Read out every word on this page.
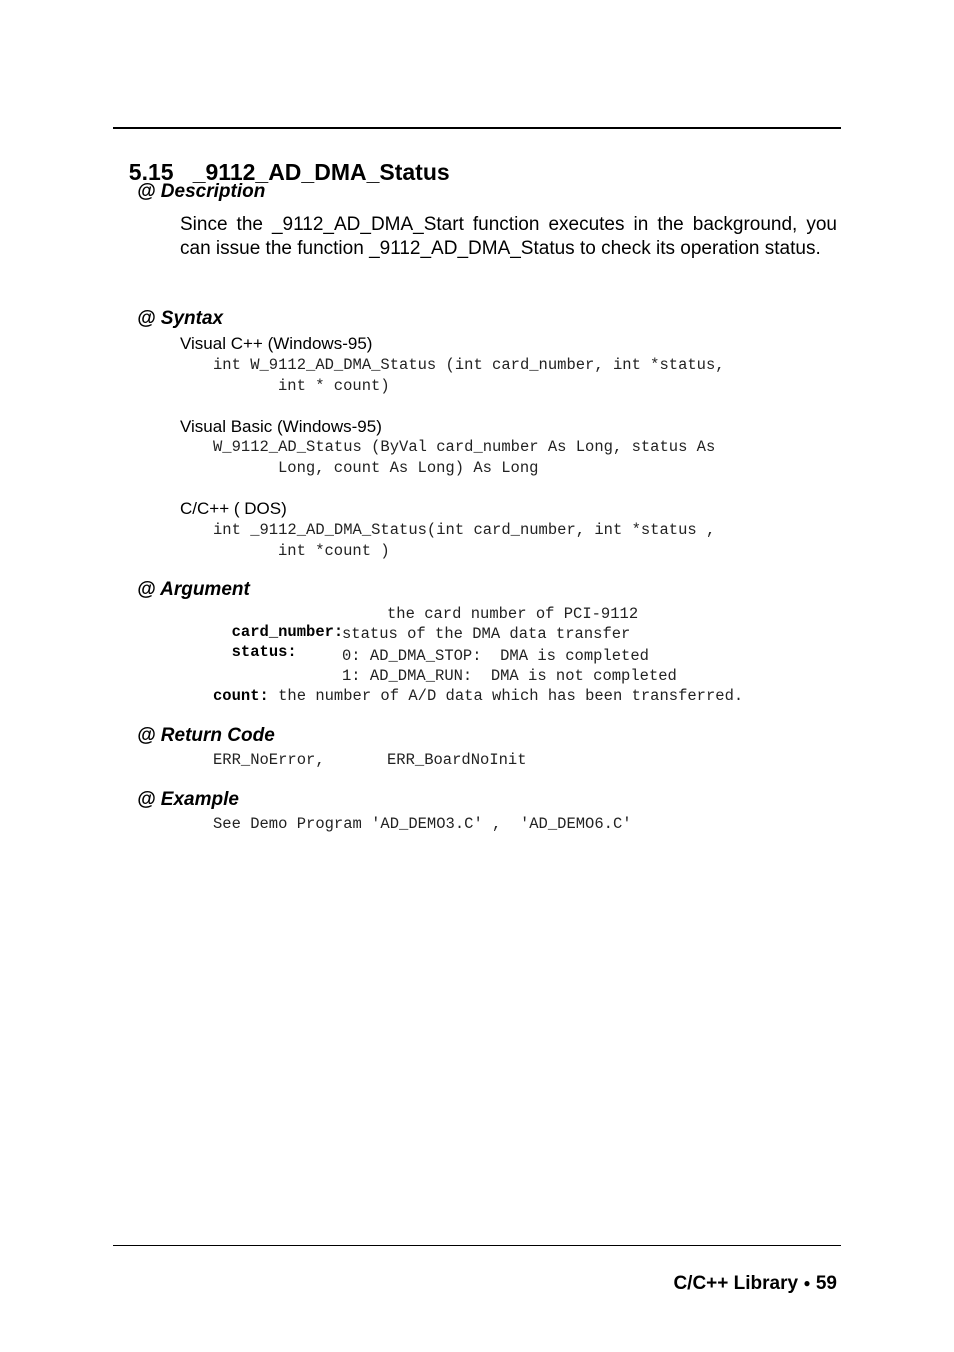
5.15 _9112_AD_DMA_Status

@ Description
Since the _9112_AD_DMA_Start function executes in the background, you can issue the function _9112_AD_DMA_Status to check its operation status.
@ Syntax
Visual C++ (Windows-95)
int W_9112_AD_DMA_Status (int card_number, int *status,
int * count)
Visual Basic (Windows-95)
W_9112_AD_Status (ByVal card_number As Long, status As
Long, count As Long) As Long
C/C++ ( DOS)
int _9112_AD_DMA_Status(int card_number, int *status ,
int *count )
@ Argument

card_number:

the card number of PCI-9112

status:

status of the DMA data transfer
0: AD_DMA_STOP:  DMA is completed
1: AD_DMA_RUN:  DMA is not completed
count: the number of A/D data which has been transferred.
@ Return Code
ERR_NoError,	ERR_BoardNoInit
@ Example
See Demo Program 'AD_DEMO3.C' ,  'AD_DEMO6.C'

C/C++ Library ● 59
